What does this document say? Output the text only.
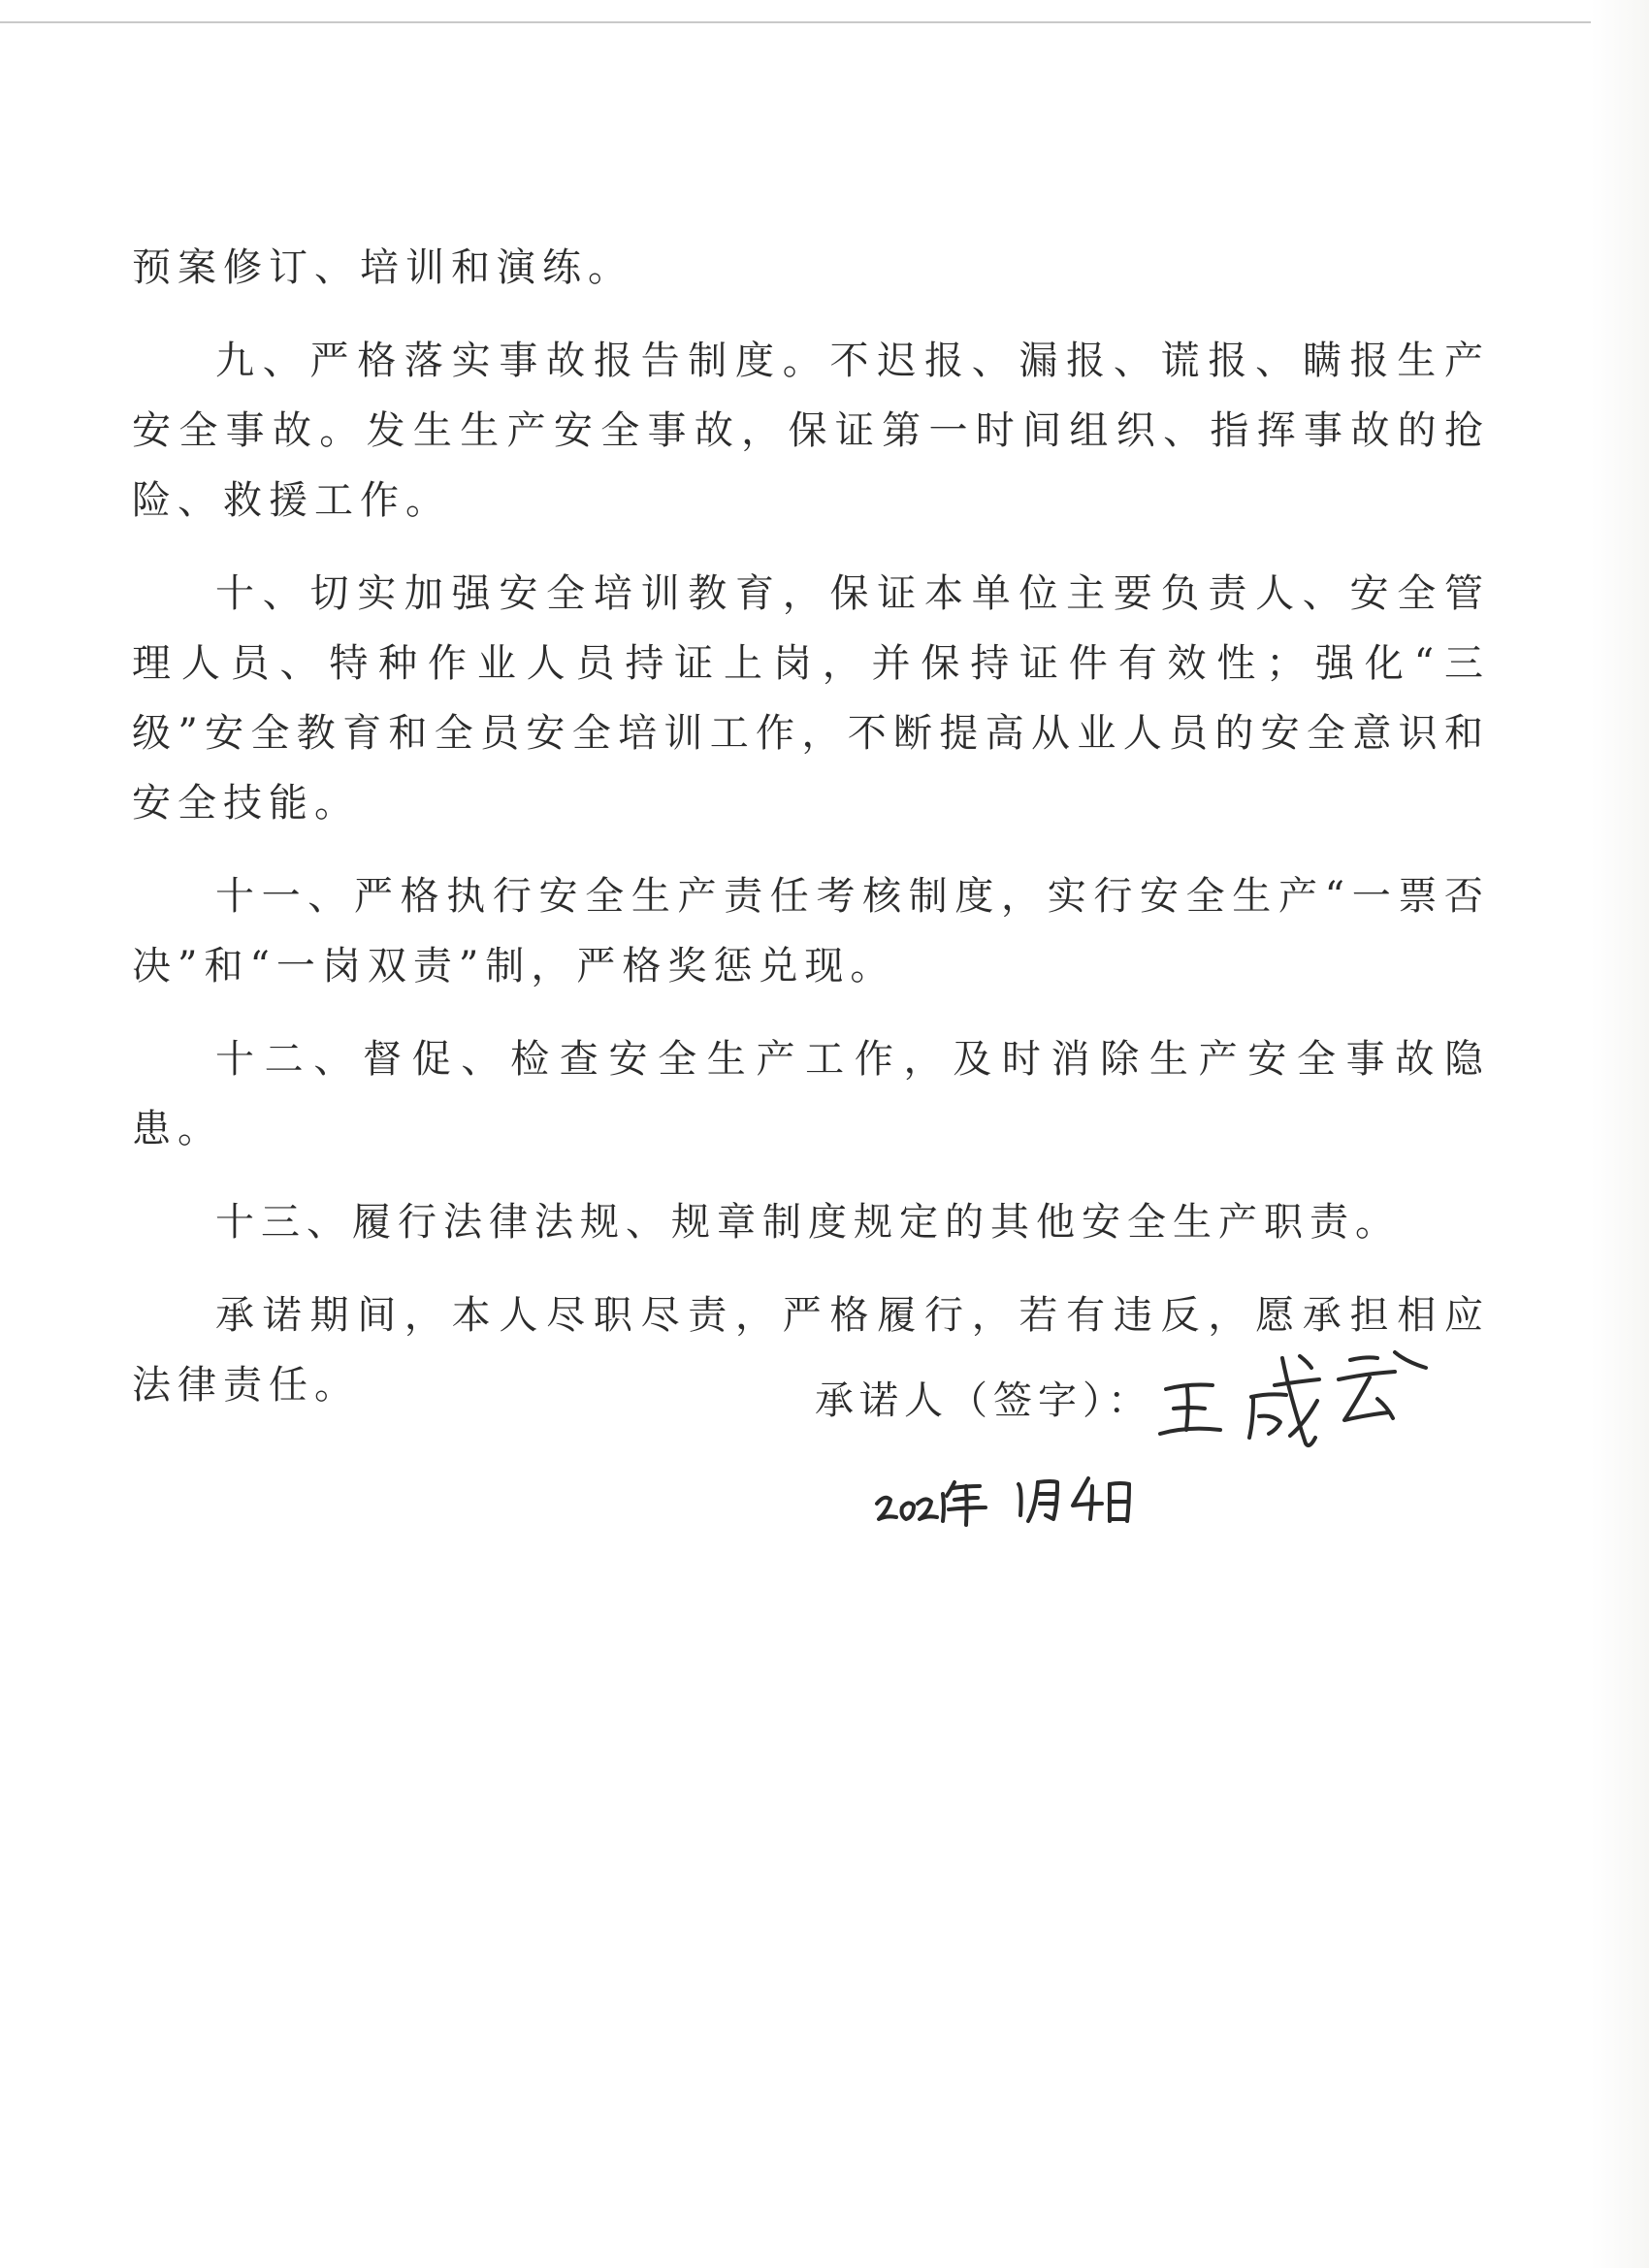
预案修订、培训和演练。

九、严格落实事故报告制度。不迟报、漏报、谎报、瞒报生产安全事故。发生生产安全事故，保证第一时间组织、指挥事故的抢险、救援工作。

十、切实加强安全培训教育，保证本单位主要负责人、安全管理人员、特种作业人员持证上岗，并保持证件有效性；强化“三级”安全教育和全员安全培训工作，不断提高从业人员的安全意识和安全技能。

十一、严格执行安全生产责任考核制度，实行安全生产“一票否决”和“一岗双责”制，严格奖惩兑现。

十二、督促、检查安全生产工作，及时消除生产安全事故隐患。

十三、履行法律法规、规章制度规定的其他安全生产职责。

承诺期间，本人尽职尽责，严格履行，若有违反，愿承担相应法律责任。	承诺人（签字）：
